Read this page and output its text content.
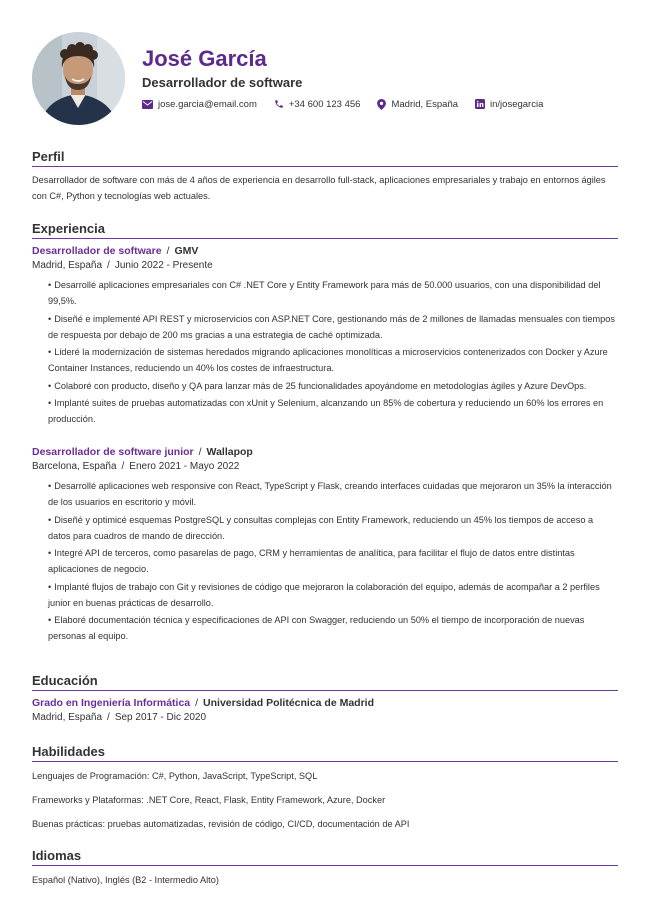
José García
Desarrollador de software
jose.garcia@email.com	+34 600 123 456	Madrid, España	in/josegarcia
Perfil
Desarrollador de software con más de 4 años de experiencia en desarrollo full-stack, aplicaciones empresariales y trabajo en entornos ágiles con C#, Python y tecnologías web actuales.
Experiencia
Desarrollador de software / GMV
Madrid, España / Junio 2022 - Presente
• Desarrollé aplicaciones empresariales con C# .NET Core y Entity Framework para más de 50.000 usuarios, con una disponibilidad del 99,5%.
• Diseñé e implementé API REST y microservicios con ASP.NET Core, gestionando más de 2 millones de llamadas mensuales con tiempos de respuesta por debajo de 200 ms gracias a una estrategia de caché optimizada.
• Lideré la modernización de sistemas heredados migrando aplicaciones monolíticas a microservicios contenerizados con Docker y Azure Container Instances, reduciendo un 40% los costes de infraestructura.
• Colaboré con producto, diseño y QA para lanzar más de 25 funcionalidades apoyándome en metodologías ágiles y Azure DevOps.
• Implanté suites de pruebas automatizadas con xUnit y Selenium, alcanzando un 85% de cobertura y reduciendo un 60% los errores en producción.
Desarrollador de software junior / Wallapop
Barcelona, España / Enero 2021 - Mayo 2022
• Desarrollé aplicaciones web responsive con React, TypeScript y Flask, creando interfaces cuidadas que mejoraron un 35% la interacción de los usuarios en escritorio y móvil.
• Diseñé y optimicé esquemas PostgreSQL y consultas complejas con Entity Framework, reduciendo un 45% los tiempos de acceso a datos para cuadros de mando de dirección.
• Integré API de terceros, como pasarelas de pago, CRM y herramientas de analítica, para facilitar el flujo de datos entre distintas aplicaciones de negocio.
• Implanté flujos de trabajo con Git y revisiones de código que mejoraron la colaboración del equipo, además de acompañar a 2 perfiles junior en buenas prácticas de desarrollo.
• Elaboré documentación técnica y especificaciones de API con Swagger, reduciendo un 50% el tiempo de incorporación de nuevas personas al equipo.
Educación
Grado en Ingeniería Informática / Universidad Politécnica de Madrid
Madrid, España / Sep 2017 - Dic 2020
Habilidades
Lenguajes de Programación: C#, Python, JavaScript, TypeScript, SQL
Frameworks y Plataformas: .NET Core, React, Flask, Entity Framework, Azure, Docker
Buenas prácticas: pruebas automatizadas, revisión de código, CI/CD, documentación de API
Idiomas
Español (Nativo), Inglés (B2 - Intermedio Alto)
